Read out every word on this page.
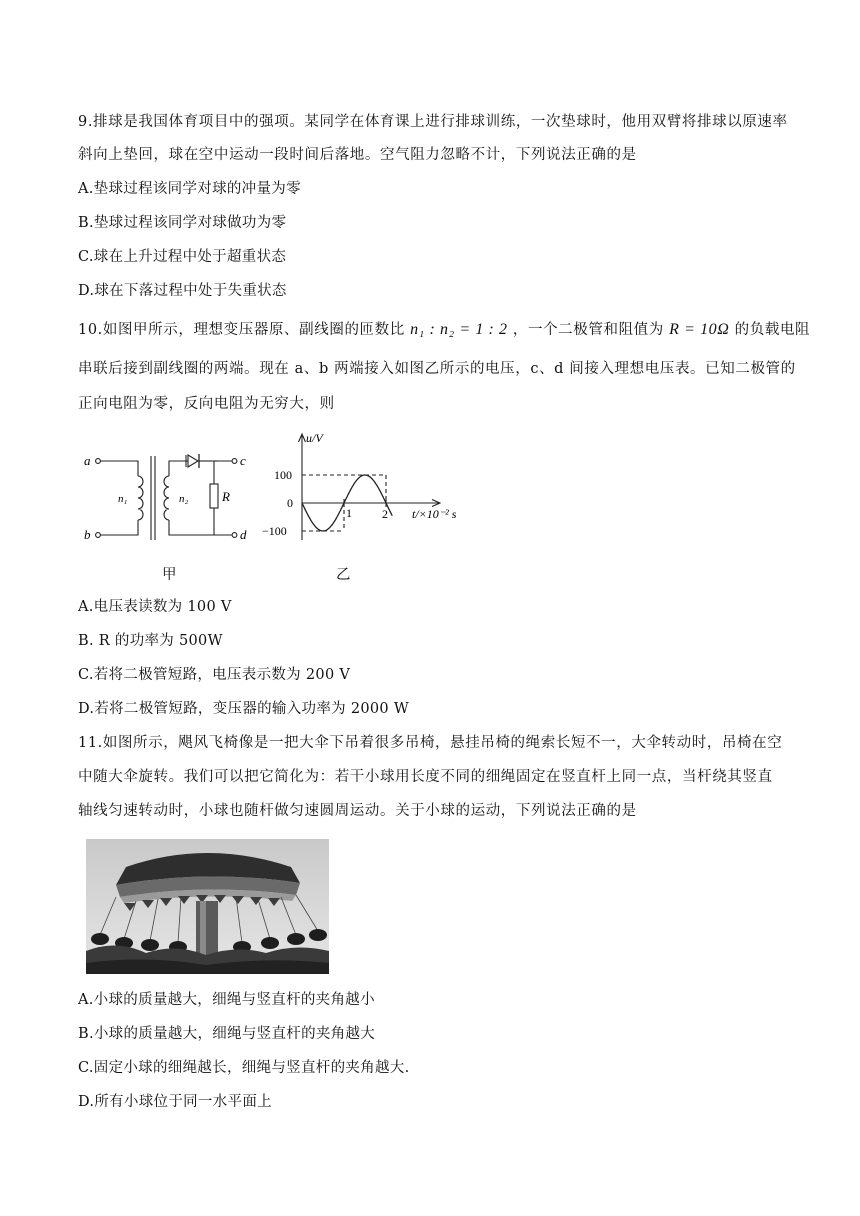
9.排球是我国体育项目中的强项。某同学在体育课上进行排球训练，一次垫球时，他用双臂将排球以原速率
斜向上垫回，球在空中运动一段时间后落地。空气阻力忽略不计，下列说法正确的是
A.垫球过程该同学对球的冲量为零
B.垫球过程该同学对球做功为零
C.球在上升过程中处于超重状态
D.球在下落过程中处于失重状态
10.如图甲所示，理想变压器原、副线圈的匝数比 n₁ : n₂ = 1 : 2 ，一个二极管和阻值为 R = 10Ω 的负载电阻
串联后接到副线圈的两端。现在 a、b 两端接入如图乙所示的电压，c、d 间接入理想电压表。已知二极管的
正向电阻为零，反向电阻为无穷大，则
a
b
c
d
n₁	n₂	R
甲
u/V
100
0
−100
1	2 t/×10⁻² s
乙
A.电压表读数为 100 V
B. R 的功率为 500W
C.若将二极管短路，电压表示数为 200 V
D.若将二极管短路，变压器的输入功率为 2000 W
11.如图所示，飓风飞椅像是一把大伞下吊着很多吊椅，悬挂吊椅的绳索长短不一，大伞转动时，吊椅在空
中随大伞旋转。我们可以把它简化为：若干小球用长度不同的细绳固定在竖直杆上同一点，当杆绕其竖直
轴线匀速转动时，小球也随杆做匀速圆周运动。关于小球的运动，下列说法正确的是
A.小球的质量越大，细绳与竖直杆的夹角越小
B.小球的质量越大，细绳与竖直杆的夹角越大
C.固定小球的细绳越长，细绳与竖直杆的夹角越大.
D.所有小球位于同一水平面上
